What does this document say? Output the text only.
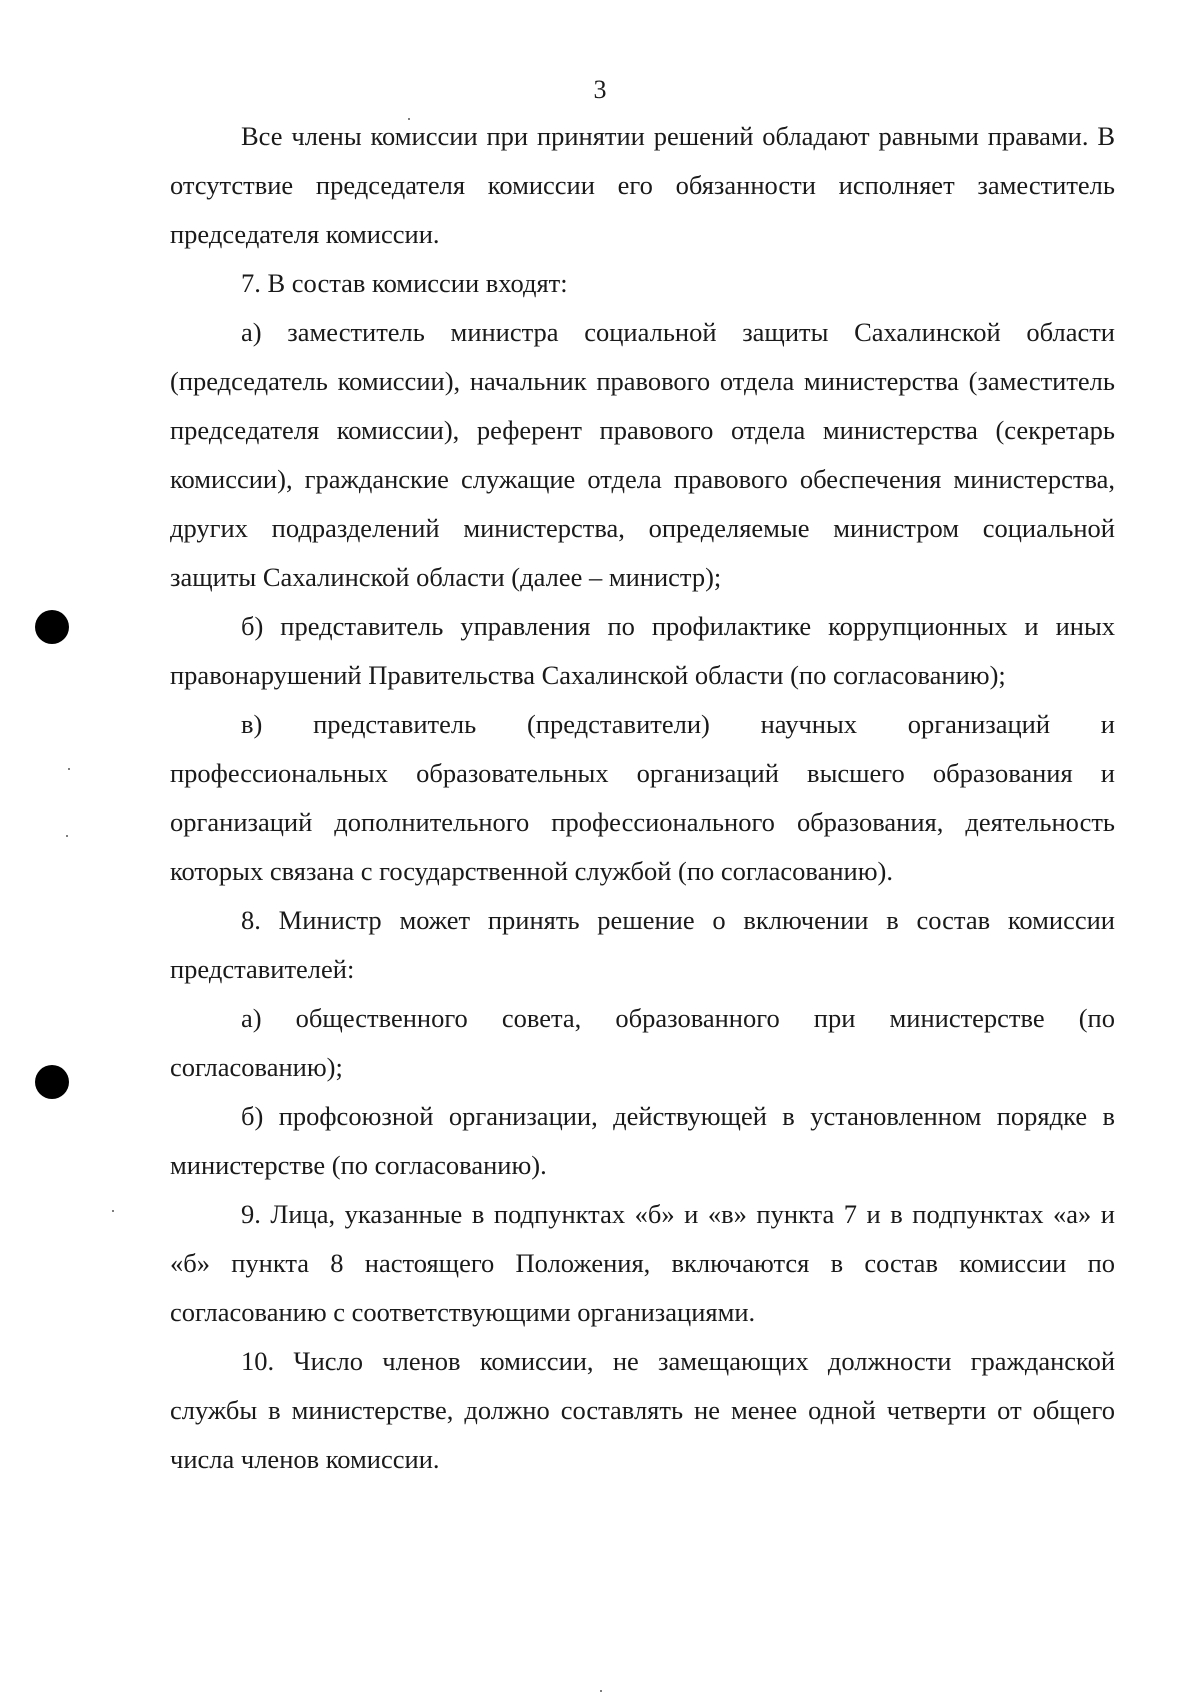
3

Все члены комиссии при принятии решений обладают равными правами. В отсутствие председателя комиссии его обязанности исполняет заместитель председателя комиссии.

7. В состав комиссии входят:

а) заместитель министра социальной защиты Сахалинской области (председатель комиссии), начальник правового отдела министерства (заместитель председателя комиссии), референт правового отдела министерства (секретарь комиссии), гражданские служащие отдела правового обеспечения министерства, других подразделений министерства, определяемые министром социальной защиты Сахалинской области (далее – министр);

б) представитель управления по профилактике коррупционных и иных правонарушений Правительства Сахалинской области (по согласованию);

в) представитель (представители) научных организаций и профессиональных образовательных организаций высшего образования и организаций дополнительного профессионального образования, деятельность которых связана с государственной службой (по согласованию).

8. Министр может принять решение о включении в состав комиссии представителей:

а) общественного совета, образованного при министерстве (по согласованию);

б) профсоюзной организации, действующей в установленном порядке в министерстве (по согласованию).

9. Лица, указанные в подпунктах «б» и «в» пункта 7 и в подпунктах «а» и «б» пункта 8 настоящего Положения, включаются в состав комиссии по согласованию с соответствующими организациями.

10. Число членов комиссии, не замещающих должности гражданской службы в министерстве, должно составлять не менее одной четверти от общего числа членов комиссии.
